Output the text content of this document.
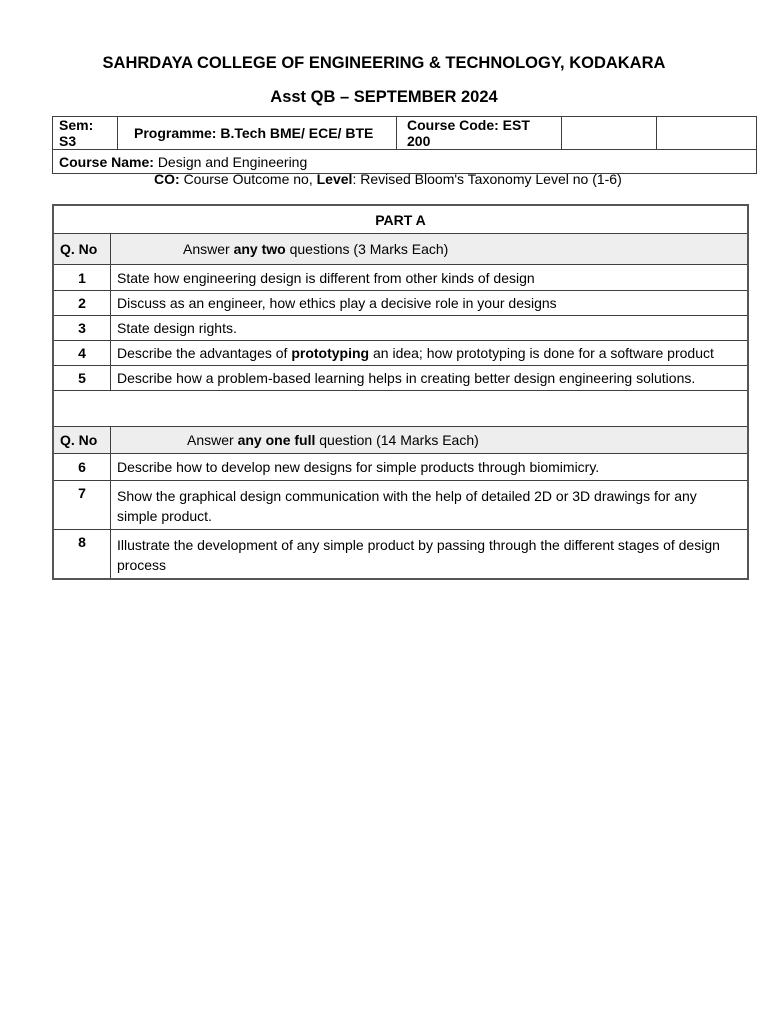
SAHRDAYA COLLEGE OF ENGINEERING & TECHNOLOGY, KODAKARA
Asst QB – SEPTEMBER 2024
Sem: S3	Programme: B.Tech BME/ ECE/ BTE	Course Code: EST 200		
Course Name: Design and Engineering
CO: Course Outcome no, Level: Revised Bloom's Taxonomy Level no (1-6)
PART A	
Q. No	Answer any two questions (3 Marks Each)
1	State how engineering design is different from other kinds of design
2	Discuss as an engineer, how ethics play a decisive role in your designs
3	State design rights.
4	Describe the advantages of prototyping an idea; how prototyping is done for a software product
5	Describe how a problem-based learning helps in creating better design engineering solutions.

Q. No	Answer any one full question (14 Marks Each)
6	Describe how to develop new designs for simple products through biomimicry.
7	Show the graphical design communication with the help of detailed 2D or 3D drawings for any simple product.
8	Illustrate the development of any simple product by passing through the different stages of design process
